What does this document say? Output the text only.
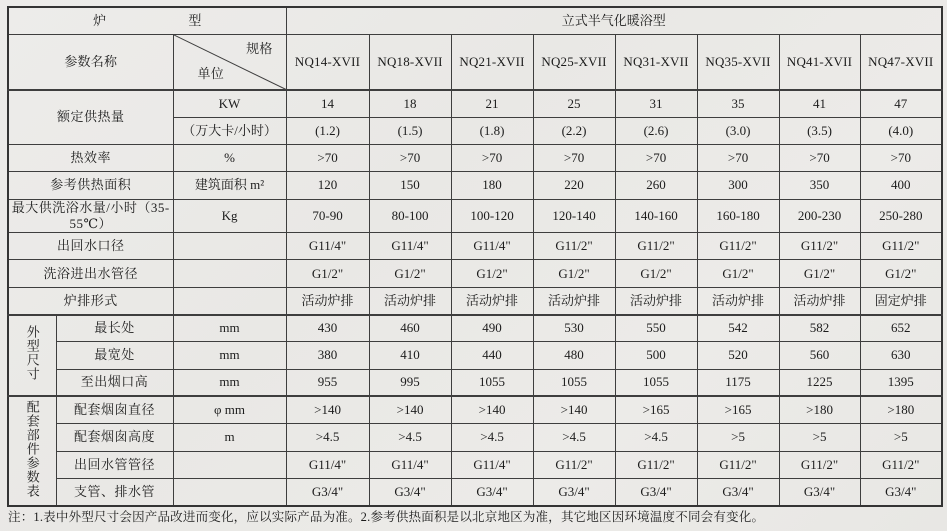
炉 型			立式半气化暖浴型							
参数名称		规格
单位	NQ14-XVII	NQ18-XVII	NQ21-XVII	NQ25-XVII	NQ31-XVII	NQ35-XVII	NQ41-XVII	NQ47-XVII
额定供热量		KW	14	18	21	25	31	35	41	47
		（万大卡/小时）	(1.2)	(1.5)	(1.8)	(2.2)	(2.6)	(3.0)	(3.5)	(4.0)
热效率		%	>70	>70	>70	>70	>70	>70	>70	>70
参考供热面积		建筑面积 m²	120	150	180	220	260	300	350	400
最大供洗浴水量/小时（35-55℃）		Kg	70-90	80-100	100-120	120-140	140-160	160-180	200-230	250-280
出回水口径			G11/4"	G11/4"	G11/4"	G11/2"	G11/2"	G11/2"	G11/2"	G11/2"
洗浴进出水管径			G1/2"	G1/2"	G1/2"	G1/2"	G1/2"	G1/2"	G1/2"	G1/2"
炉排形式			活动炉排	活动炉排	活动炉排	活动炉排	活动炉排	活动炉排	活动炉排	固定炉排
外型尺寸	最长处	mm	430	460	490	530	550	542	582	652
	最宽处	mm	380	410	440	480	500	520	560	630
	至出烟口高	mm	955	995	1055	1055	1055	1175	1225	1395
配套部件参数表	配套烟囱直径	φ mm	>140	>140	>140	>140	>165	>165	>180	>180
	配套烟囱高度	m	>4.5	>4.5	>4.5	>4.5	>4.5	>5	>5	>5
	出回水管管径		G11/4"	G11/4"	G11/4"	G11/2"	G11/2"	G11/2"	G11/2"	G11/2"
	支管、排水管		G3/4"	G3/4"	G3/4"	G3/4"	G3/4"	G3/4"	G3/4"	G3/4"
注：1.表中外型尺寸会因产品改进而变化，应以实际产品为准。2.参考供热面积是以北京地区为准，其它地区因环境温度不同会有变化。
